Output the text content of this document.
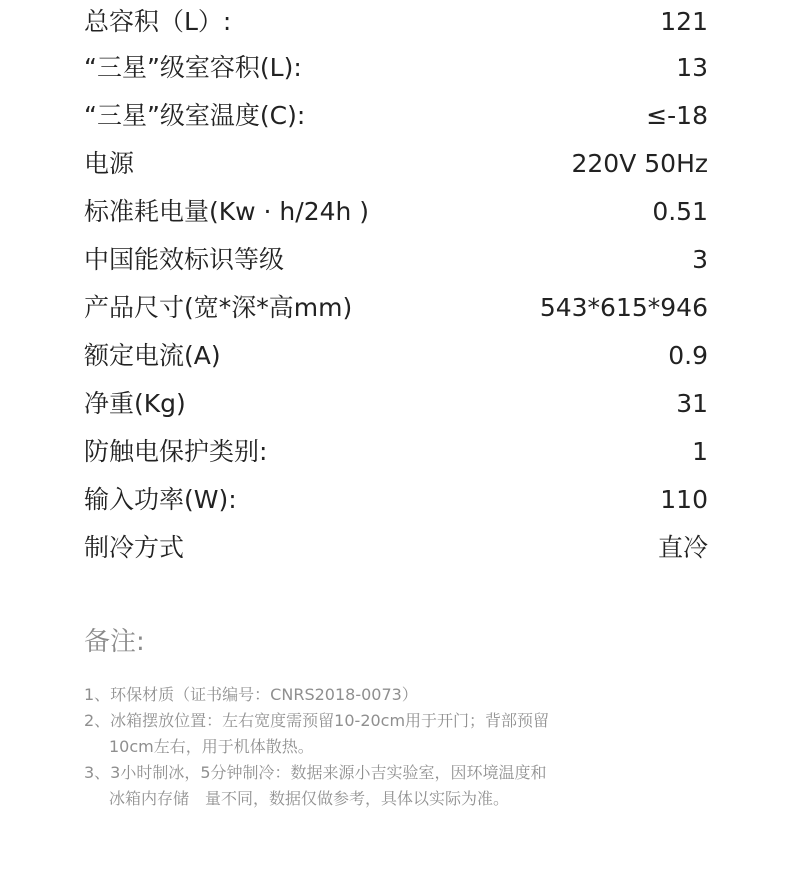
总容积（L）:	121
“三星”级室容积(L):	13
“三星”级室温度(C):	≤-18
电源	220V 50Hz
标准耗电量(Kw · h/24h )	0.51
中国能效标识等级	3
产品尺寸(宽*深*高mm)	543*615*946
额定电流(A)	0.9
净重(Kg)	31
防触电保护类别:	1
输入功率(W):	110
制冷方式	直冷
备注:
1、环保材质（证书编号：CNRS2018-0073）
2、冰箱摆放位置：左右宽度需预留10-20cm用于开门；背部预留
10cm左右，用于机体散热。
3、3小时制冰，5分钟制冷：数据来源小吉实验室，因环境温度和
冰箱内存储　量不同，数据仅做参考，具体以实际为准。
